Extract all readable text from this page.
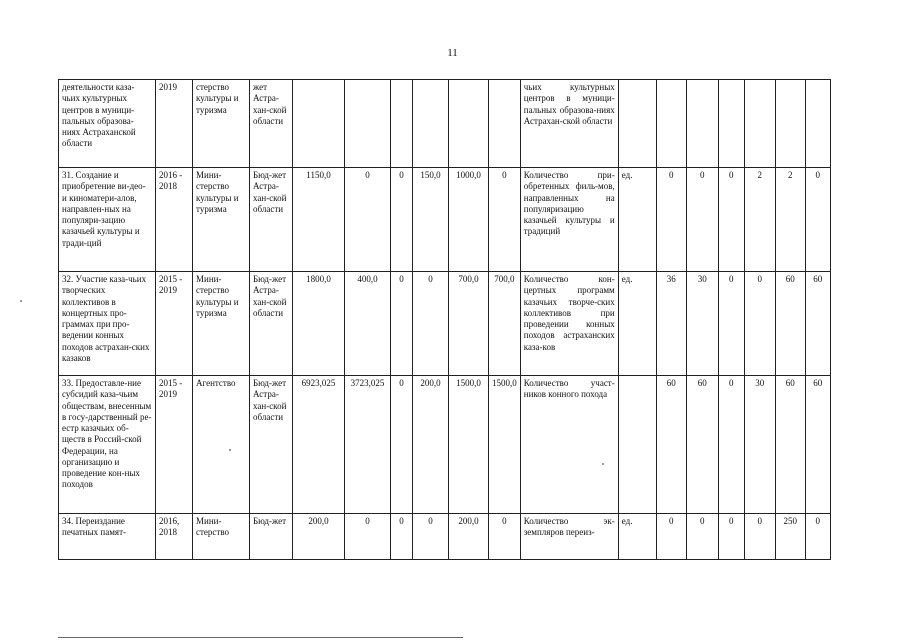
11
деятельности каза-чьих культурных центров в муници-пальных образова-ниях Астраханской области	2019	стерство культуры и туризма	жет Астра-хан-ской области							чьих культурных центров в муници-пальных образова-ниях Астрахан-ской области							
31. Создание и приобретение ви-део- и киноматери-алов, направлен-ных на популяри-зацию казачьей культуры и тради-ций	2016 - 2018	Мини-стерство культуры и туризма	Бюд-жет Астра-хан-ской области	1150,0	0	0	150,0	1000,0	0	Количество при-обретенных филь-мов, направленных на популяризацию казачьей культуры и традиций	ед.	0	0	0	2	2	0
32. Участие каза-чьих творческих коллективов в концертных про-граммах при про-ведении конных походов астрахан-ских казаков	2015 - 2019	Мини-стерство культуры и туризма	Бюд-жет Астра-хан-ской области	1800,0	400,0	0	0	700,0	700,0	Количество кон-цертных программ казачьих творче-ских коллективов при проведении конных походов астраханских каза-ков	ед.	36	30	0	0	60	60
33. Предоставле-ние субсидий каза-чьим обществам, внесенным в госу-дарственный ре-естр казачьих об-ществ в Россий-ской Федерации, на организацию и проведение кон-ных походов	2015 - 2019	Агентство	Бюд-жет Астра-хан-ской области	6923,025	3723,025	0	200,0	1500,0	1500,0	Количество участ-ников конного похода		60	60	0	30	60	60
34. Переиздание печатных памят-	2016, 2018	Мини-стерство	Бюд-жет	200,0	0	0	0	200,0	0	Количество эк-земпляров переиз-	ед.	0	0	0	0	250	0
